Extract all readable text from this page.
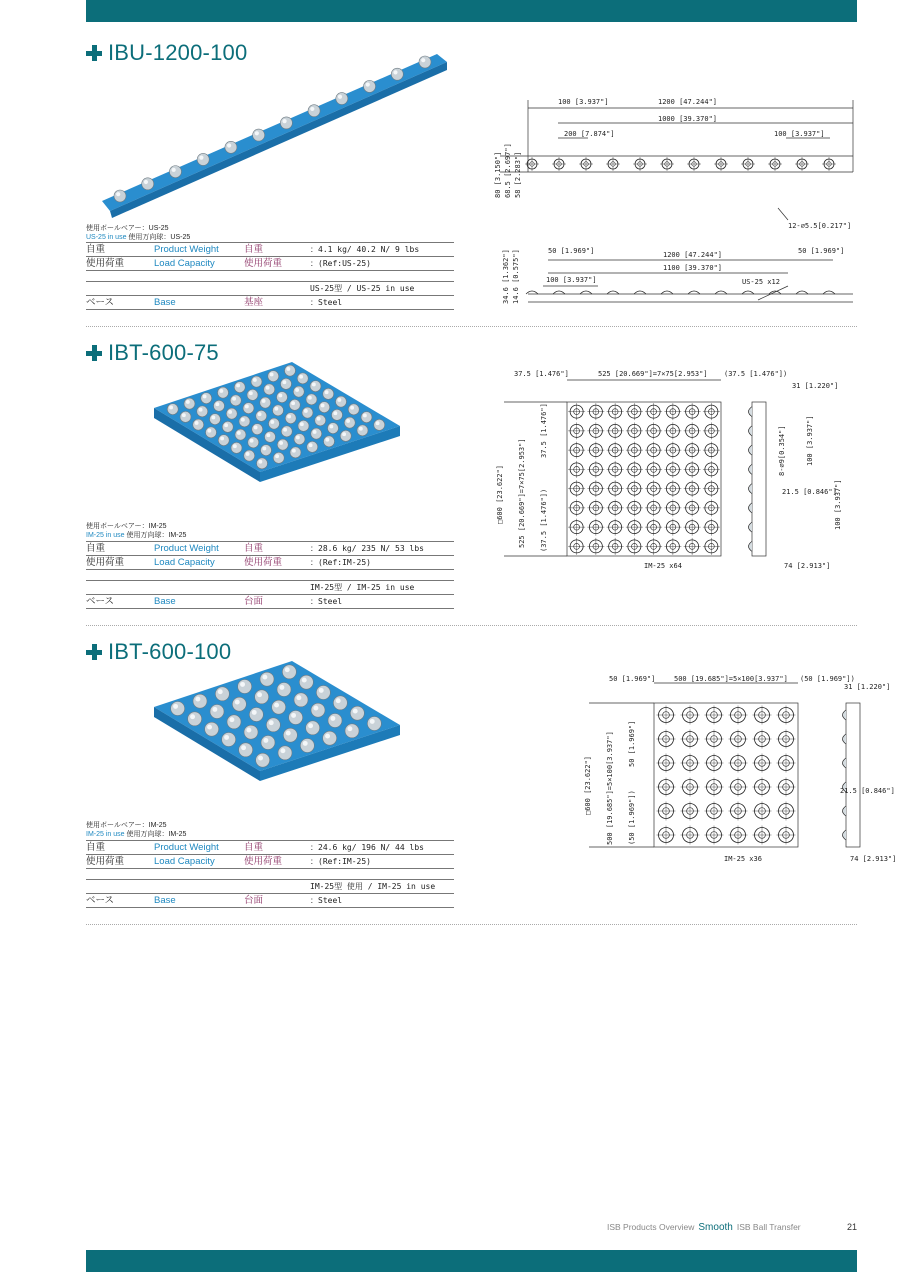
IBU-1200-100
100 [3.937"]	1200 [47.244"]
1000 [39.370"]
200 [7.874"]	100 [3.937"]
12-∅5.5[0.217"]
50 [1.969"]	50 [1.969"]
1200 [47.244"]
1100 [39.370"]
100 [3.937"]	US-25 x12
80 [3.150"] 68.5 [2.697"] 58 [2.283"]
34.6 [1.362"] 14.6 [0.575"]
使用ボールベアー：US-25
US-25 in use 使用万向球：US-25
自重	Product Weight	自重	：4.1 kg/ 40.2 N/ 9 lbs
使用荷重	Load Capacity	使用荷重	：(Ref:US-25)
US-25型 / US-25 in use
ベース	Base	基座	：Steel
IBT-600-75
37.5 [1.476"]	525 [20.669"]=7×75[2.953"] (37.5 [1.476"])
31 [1.220"]
21.5 [0.846"]
74 [2.913"]
IM-25 x64
□600 [23.622"] 525 [20.669"]=7×75[2.953"]
37.5 [1.476"]
(37.5 [1.476"])
8-∅9[0.354"]	100 [3.937"]
100 [3.937"]
使用ボールベアー：IM-25
IM-25 in use 使用万向球：IM-25
自重	Product Weight	自重	：28.6 kg/ 235 N/ 53 lbs
使用荷重	Load Capacity	使用荷重	：(Ref:IM-25)
IM-25型 / IM-25 in use
ベース	Base	台面	：Steel
IBT-600-100
50 [1.969"]	500 [19.685"]=5×100[3.937"] (50 [1.969"])
31 [1.220"]
21.5 [0.846"]
74 [2.913"]
IM-25 x36
□600 [23.622"] 500 [19.685"]=5×100[3.937"] 50 [1.969"]
(50 [1.969"])
使用ボールベアー：IM-25
IM-25 in use 使用万向球：IM-25
自重	Product Weight	自重	：24.6 kg/ 196 N/ 44 lbs
使用荷重	Load Capacity	使用荷重	：(Ref:IM-25)
IM-25型 使用 / IM-25 in use
ベース	Base	台面	：Steel
ISB Products Overview Smooth ISB Ball Transfer	21
